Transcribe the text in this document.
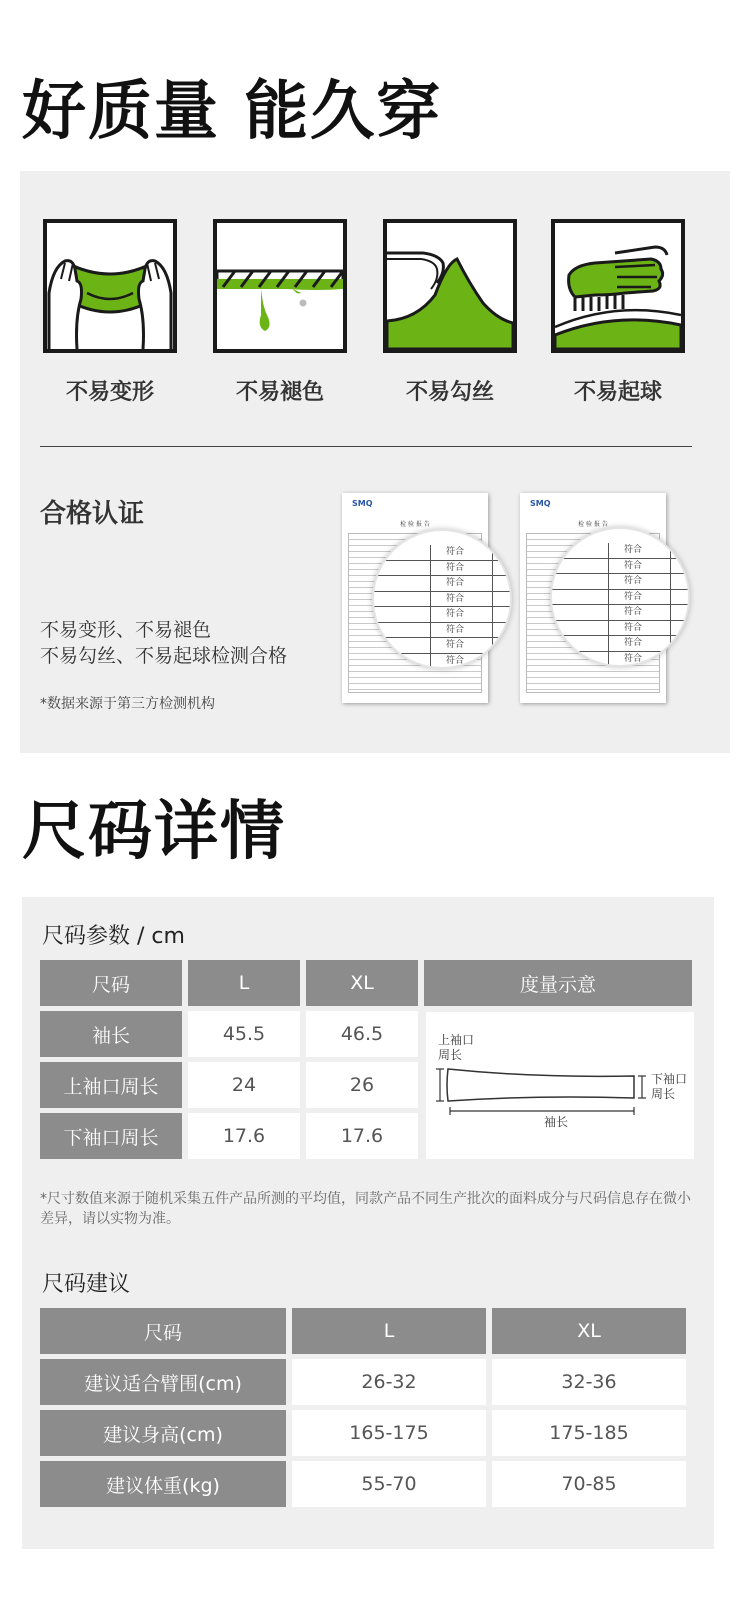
好质量 能久穿
不易变形	不易褪色	不易勾丝	不易起球
合格认证
不易变形、不易褪色
不易勾丝、不易起球检测合格
*数据来源于第三方检测机构
SMQ
检 验 报 告
符合
符合
符合
符合
符合
符合
符合
符合
SMQ
检 验 报 告
符合
符合
符合
符合
符合
符合
符合
符合
尺码详情
尺码参数 / cm
尺码	L	XL	度量示意
袖长	45.5	46.5	
上袖口周长	24	26	
下袖口周长	17.6	17.6	
上袖口
周长
下袖口
周长
袖长
*尺寸数值来源于随机采集五件产品所测的平均值，同款产品不同生产批次的面料成分与尺码信息存在微小差异，请以实物为准。
尺码建议
尺码	L	XL
建议适合臂围(cm)	26-32	32-36
建议身高(cm)	165-175	175-185
建议体重(kg)	55-70	70-85
